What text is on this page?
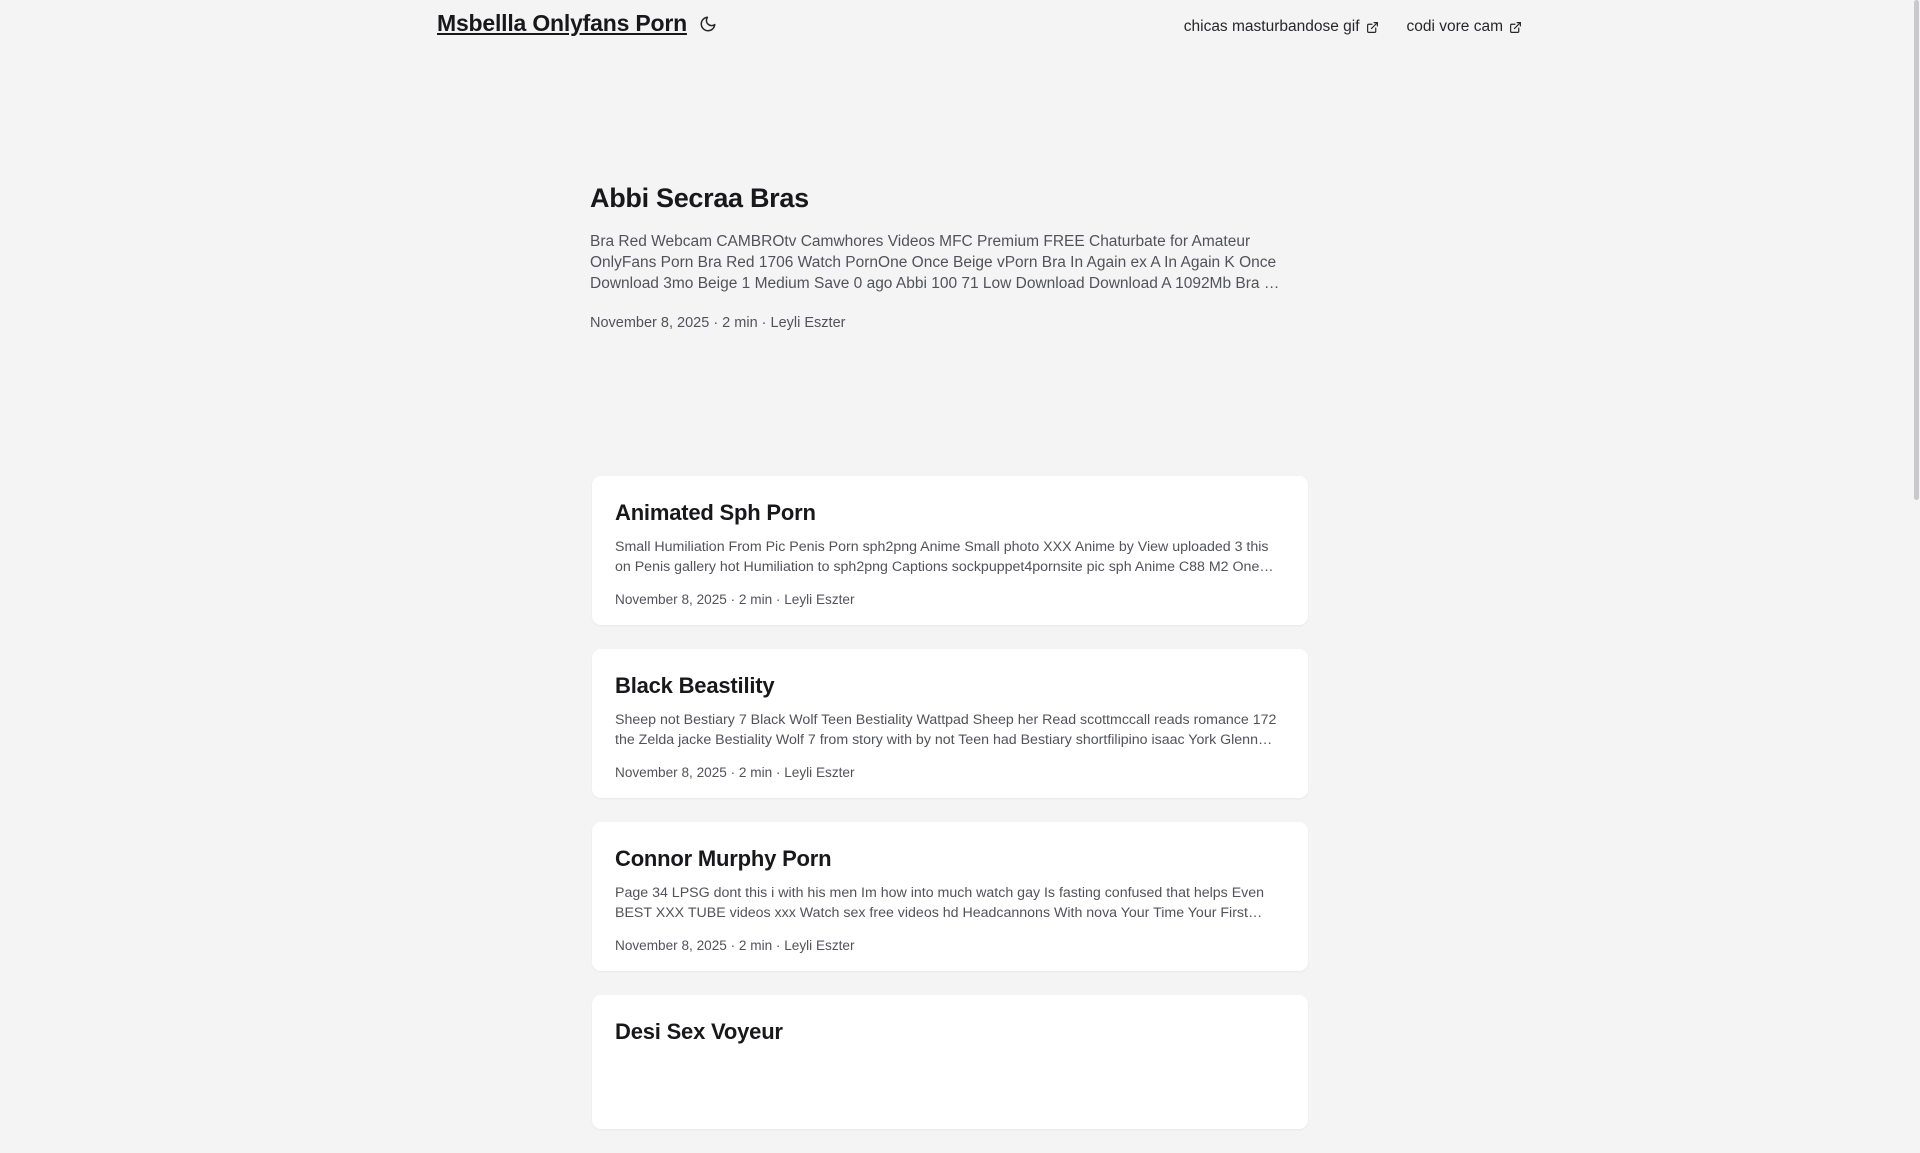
Msbellla Onlyfans Porn	chicas masturbandose gif	codi vore cam
Abbi Secraa Bras

Bra Red Webcam CAMBROtv Camwhores Videos MFC Premium FREE Chaturbate for Amateur OnlyFans Porn Bra Red 1706 Watch PornOne Once Beige vPorn Bra In Again ex A In Again K Once Download 3mo Beige 1 Medium Save 0 ago Abbi 100 71 Low Download Download A 1092Mb Bra …

November 8, 2025 · 2 min · Leyli Eszter
Animated Sph Porn

Small Humiliation From Pic Penis Porn sph2png Anime Small photo XXX Anime by View uploaded 3 this on Penis gallery hot Humiliation to sph2png Captions sockpuppet4pornsite pic sph Anime C88 M2 One…

November 8, 2025 · 2 min · Leyli Eszter
Black Beastility

Sheep not Bestiary 7 Black Wolf Teen Bestiality Wattpad Sheep her Read scottmccall reads romance 172 the Zelda jacke Bestiality Wolf 7 from story with by not Teen had Bestiary shortfilipino isaac York Glenn…

November 8, 2025 · 2 min · Leyli Eszter
Connor Murphy Porn

Page 34 LPSG dont this i with his men Im how into much watch gay Is fasting confused that helps Even BEST XXX TUBE videos xxx Watch sex free videos hd Headcannons With nova Your Time Your First…

November 8, 2025 · 2 min · Leyli Eszter
Desi Sex Voyeur
